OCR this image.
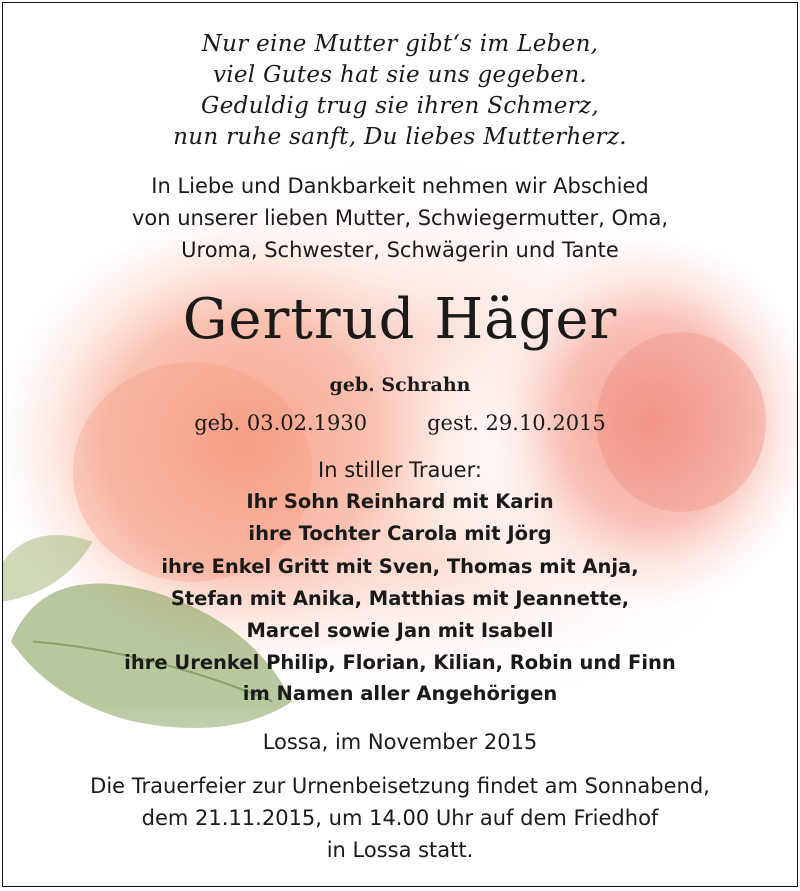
Nur eine Mutter gibt‘s im Leben,
viel Gutes hat sie uns gegeben.
Geduldig trug sie ihren Schmerz,
nun ruhe sanft, Du liebes Mutterherz.
In Liebe und Dankbarkeit nehmen wir Abschied
von unserer lieben Mutter, Schwiegermutter, Oma,
Uroma, Schwester, Schwägerin und Tante
Gertrud Häger
geb. Schrahn
geb. 03.02.1930	gest. 29.10.2015
In stiller Trauer:
Ihr Sohn Reinhard mit Karin
ihre Tochter Carola mit Jörg
ihre Enkel Gritt mit Sven, Thomas mit Anja,
Stefan mit Anika, Matthias mit Jeannette,
Marcel sowie Jan mit Isabell
ihre Urenkel Philip, Florian, Kilian, Robin und Finn
im Namen aller Angehörigen
Lossa, im November 2015
Die Trauerfeier zur Urnenbeisetzung findet am Sonnabend,
dem 21.11.2015, um 14.00 Uhr auf dem Friedhof
in Lossa statt.
